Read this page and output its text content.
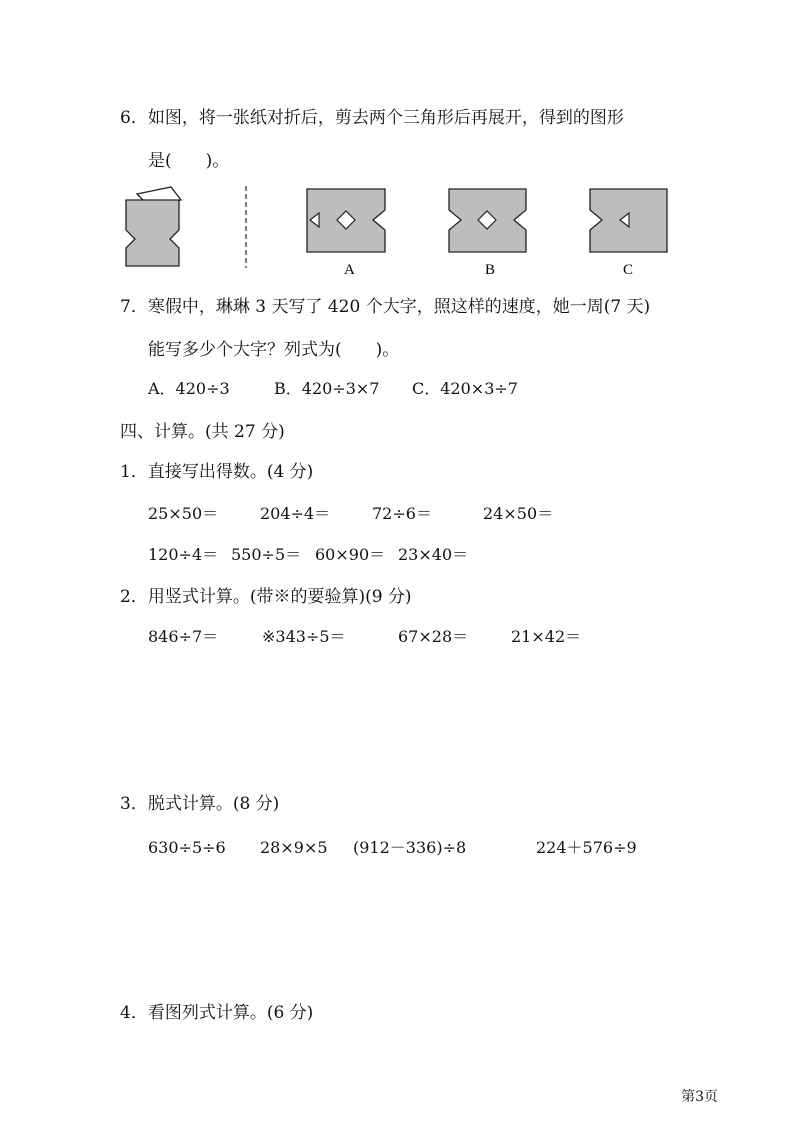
6．如图，将一张纸对折后，剪去两个三角形后再展开，得到的图形
是(　　)。
A	B	C
7．寒假中，琳琳 3 天写了 420 个大字，照这样的速度，她一周(7 天)
能写多少个大字？列式为(　　)。
A．420÷3	B．420÷3×7 C．420×3÷7
四、计算。(共 27 分)
1．直接写出得数。(4 分)
25×50＝	204÷4＝	72÷6＝	24×50＝
120÷4＝ 550÷5＝ 60×90＝ 23×40＝
2．用竖式计算。(带※的要验算)(9 分)
846÷7＝	※343÷5＝	67×28＝	21×42＝
3．脱式计算。(8 分)
630÷5÷6 28×9×5 (912－336)÷8	224＋576÷9
4．看图列式计算。(6 分)
第3页
